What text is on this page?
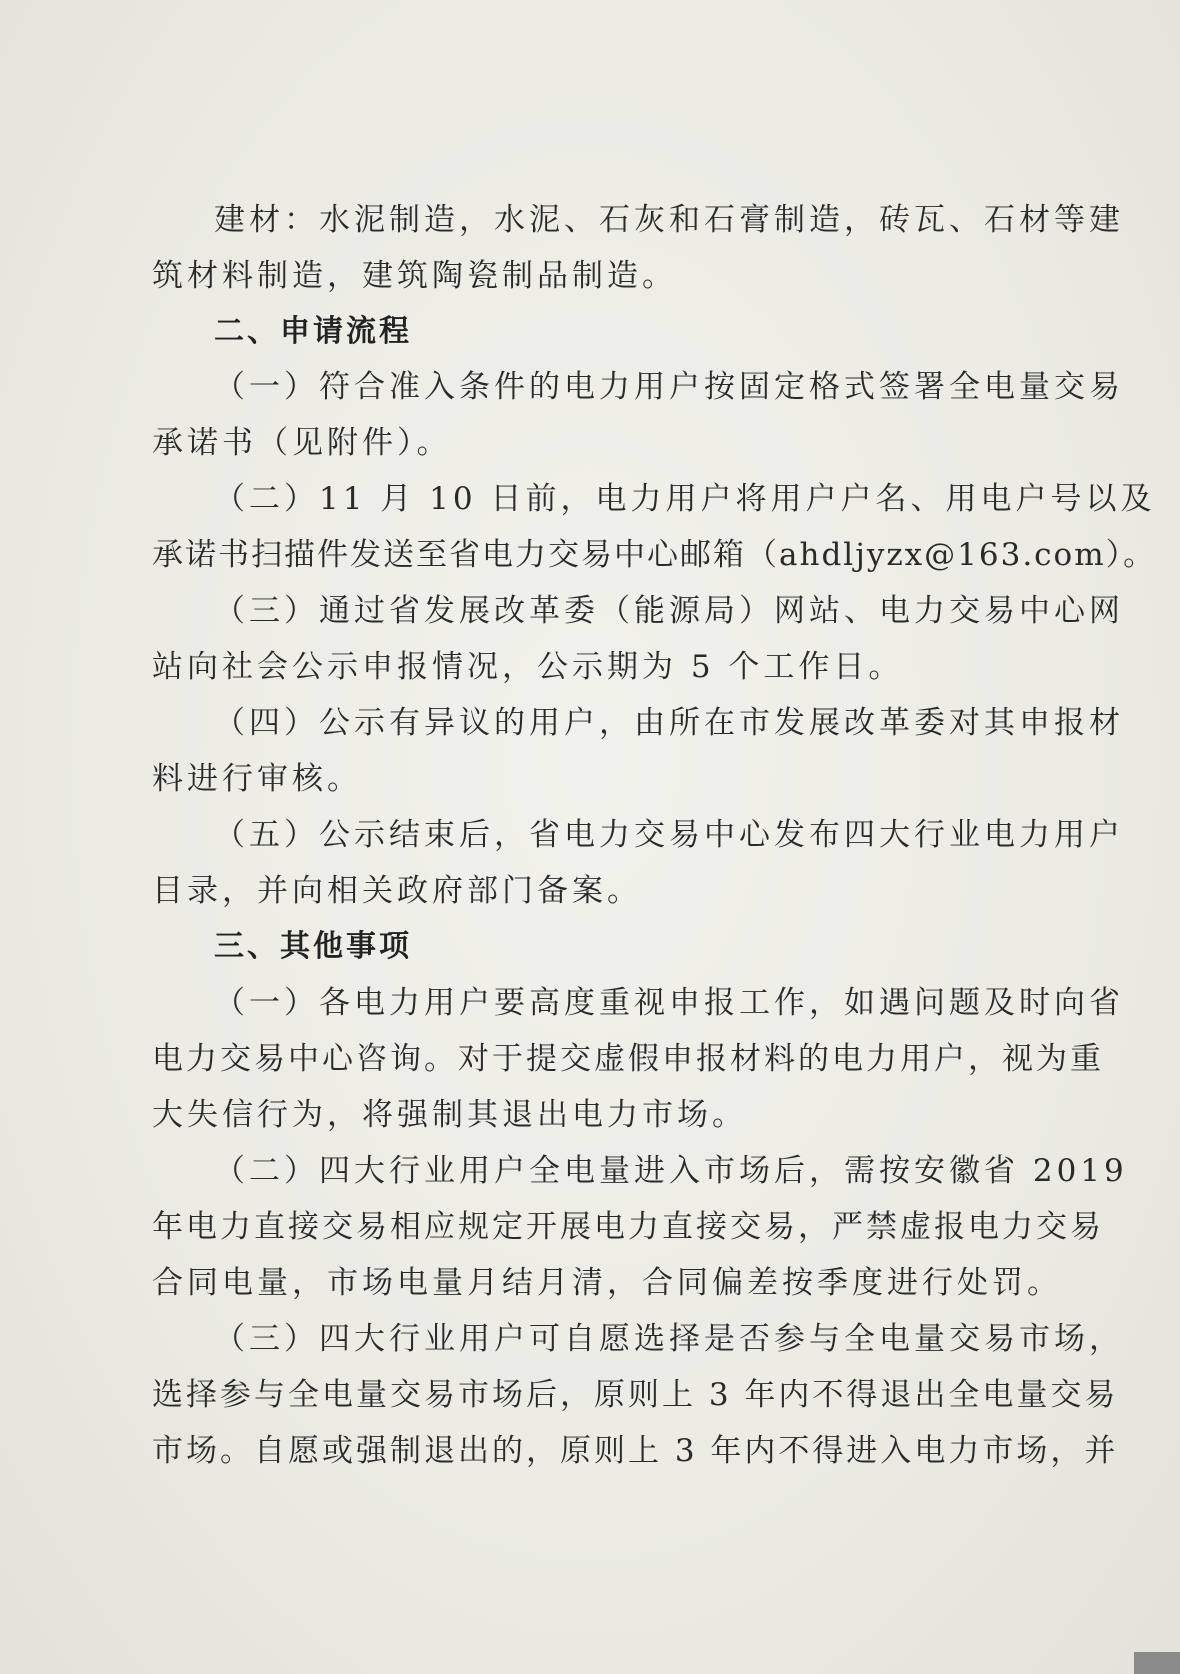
建材：水泥制造，水泥、石灰和石膏制造，砖瓦、石材等建
筑材料制造，建筑陶瓷制品制造。
二、申请流程
（一）符合准入条件的电力用户按固定格式签署全电量交易
承诺书（见附件）。
（二）11 月 10 日前，电力用户将用户户名、用电户号以及
承诺书扫描件发送至省电力交易中心邮箱（ahdljyzx@163.com）。
（三）通过省发展改革委（能源局）网站、电力交易中心网
站向社会公示申报情况，公示期为 5 个工作日。
（四）公示有异议的用户，由所在市发展改革委对其申报材
料进行审核。
（五）公示结束后，省电力交易中心发布四大行业电力用户
目录，并向相关政府部门备案。
三、其他事项
（一）各电力用户要高度重视申报工作，如遇问题及时向省
电力交易中心咨询。对于提交虚假申报材料的电力用户，视为重
大失信行为，将强制其退出电力市场。
（二）四大行业用户全电量进入市场后，需按安徽省 2019
年电力直接交易相应规定开展电力直接交易，严禁虚报电力交易
合同电量，市场电量月结月清，合同偏差按季度进行处罚。
（三）四大行业用户可自愿选择是否参与全电量交易市场，
选择参与全电量交易市场后，原则上 3 年内不得退出全电量交易
市场。自愿或强制退出的，原则上 3 年内不得进入电力市场，并
